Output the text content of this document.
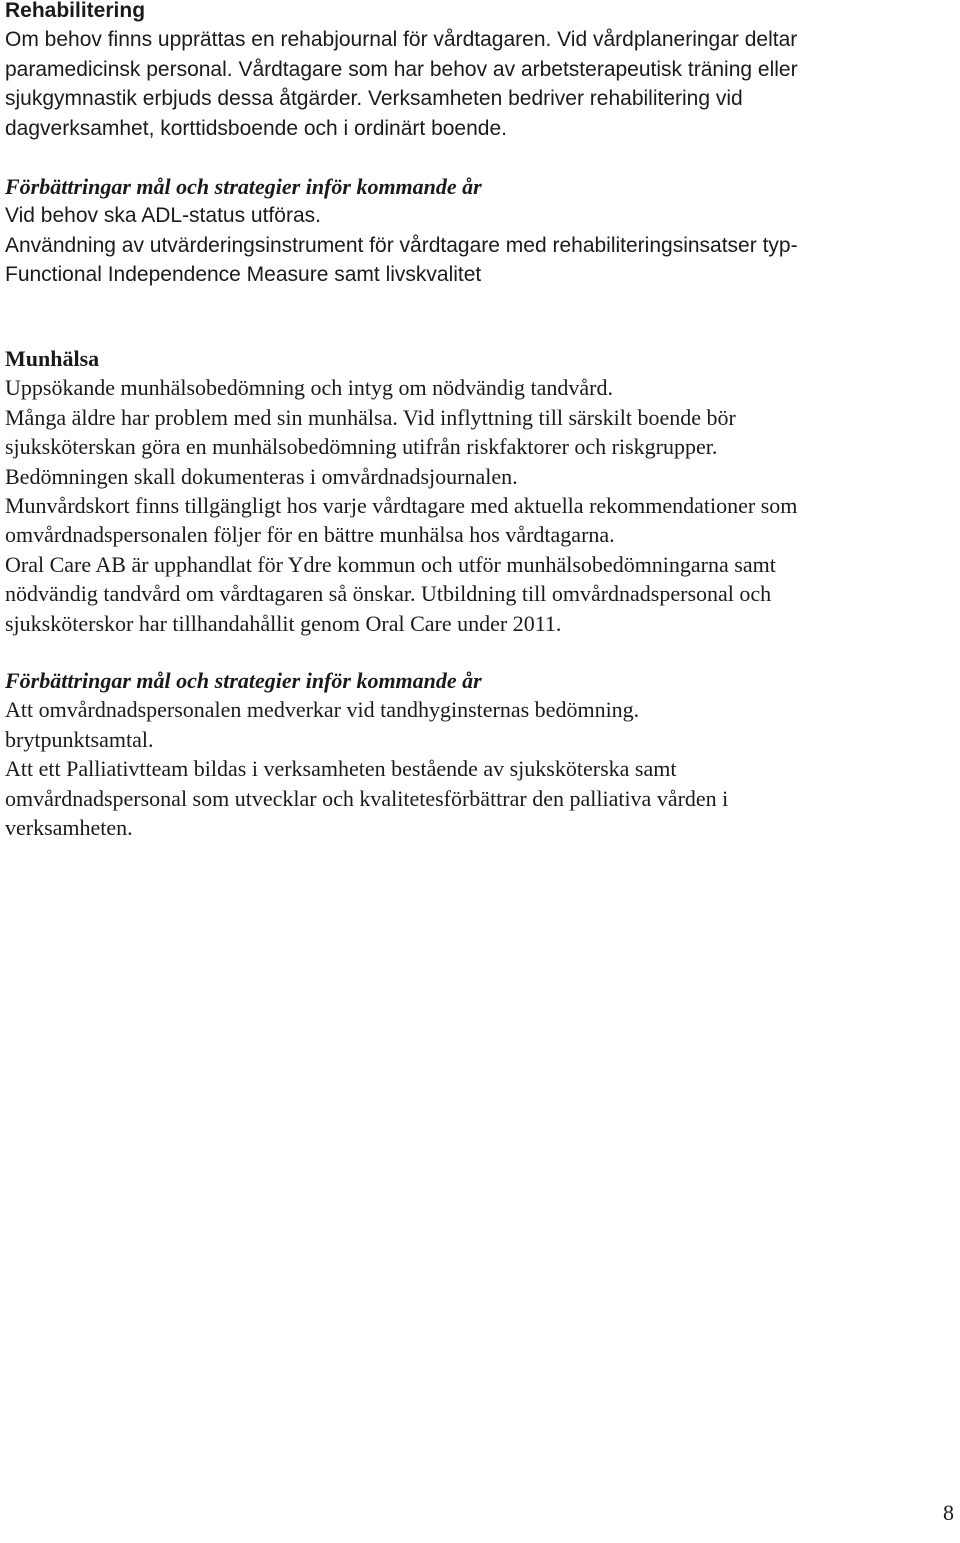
Rehabilitering
Om behov finns upprättas en rehabjournal för vårdtagaren. Vid vårdplaneringar deltar
paramedicinsk personal. Vårdtagare som har behov av arbetsterapeutisk träning eller
sjukgymnastik erbjuds dessa åtgärder. Verksamheten bedriver rehabilitering vid
dagverksamhet, korttidsboende och i ordinärt boende.
Förbättringar mål och strategier inför kommande år
Vid behov ska ADL-status utföras.
Användning av utvärderingsinstrument för vårdtagare med rehabiliteringsinsatser typ-
Functional Independence Measure samt livskvalitet
Munhälsa
Uppsökande munhälsobedömning och intyg om nödvändig tandvård.
Många äldre har problem med sin munhälsa. Vid inflyttning till särskilt boende bör
sjuksköterskan göra en munhälsobedömning utifrån riskfaktorer och riskgrupper.
Bedömningen skall dokumenteras i omvårdnadsjournalen.
Munvårdskort finns tillgängligt hos varje vårdtagare med aktuella rekommendationer som
omvårdnadspersonalen följer för en bättre munhälsa hos vårdtagarna.
Oral Care AB är upphandlat för Ydre kommun och utför munhälsobedömningarna samt
nödvändig tandvård om vårdtagaren så önskar. Utbildning till omvårdnadspersonal och
sjuksköterskor har tillhandahållit genom Oral Care under 2011.
Förbättringar mål och strategier inför kommande år
Att omvårdnadspersonalen medverkar vid tandhyginsternas bedömning.
brytpunktsamtal.
Att ett Palliativtteam bildas i verksamheten bestående av sjuksköterska samt
omvårdnadspersonal som utvecklar och kvalitetesförbättrar den palliativa vården i
verksamheten.
8
